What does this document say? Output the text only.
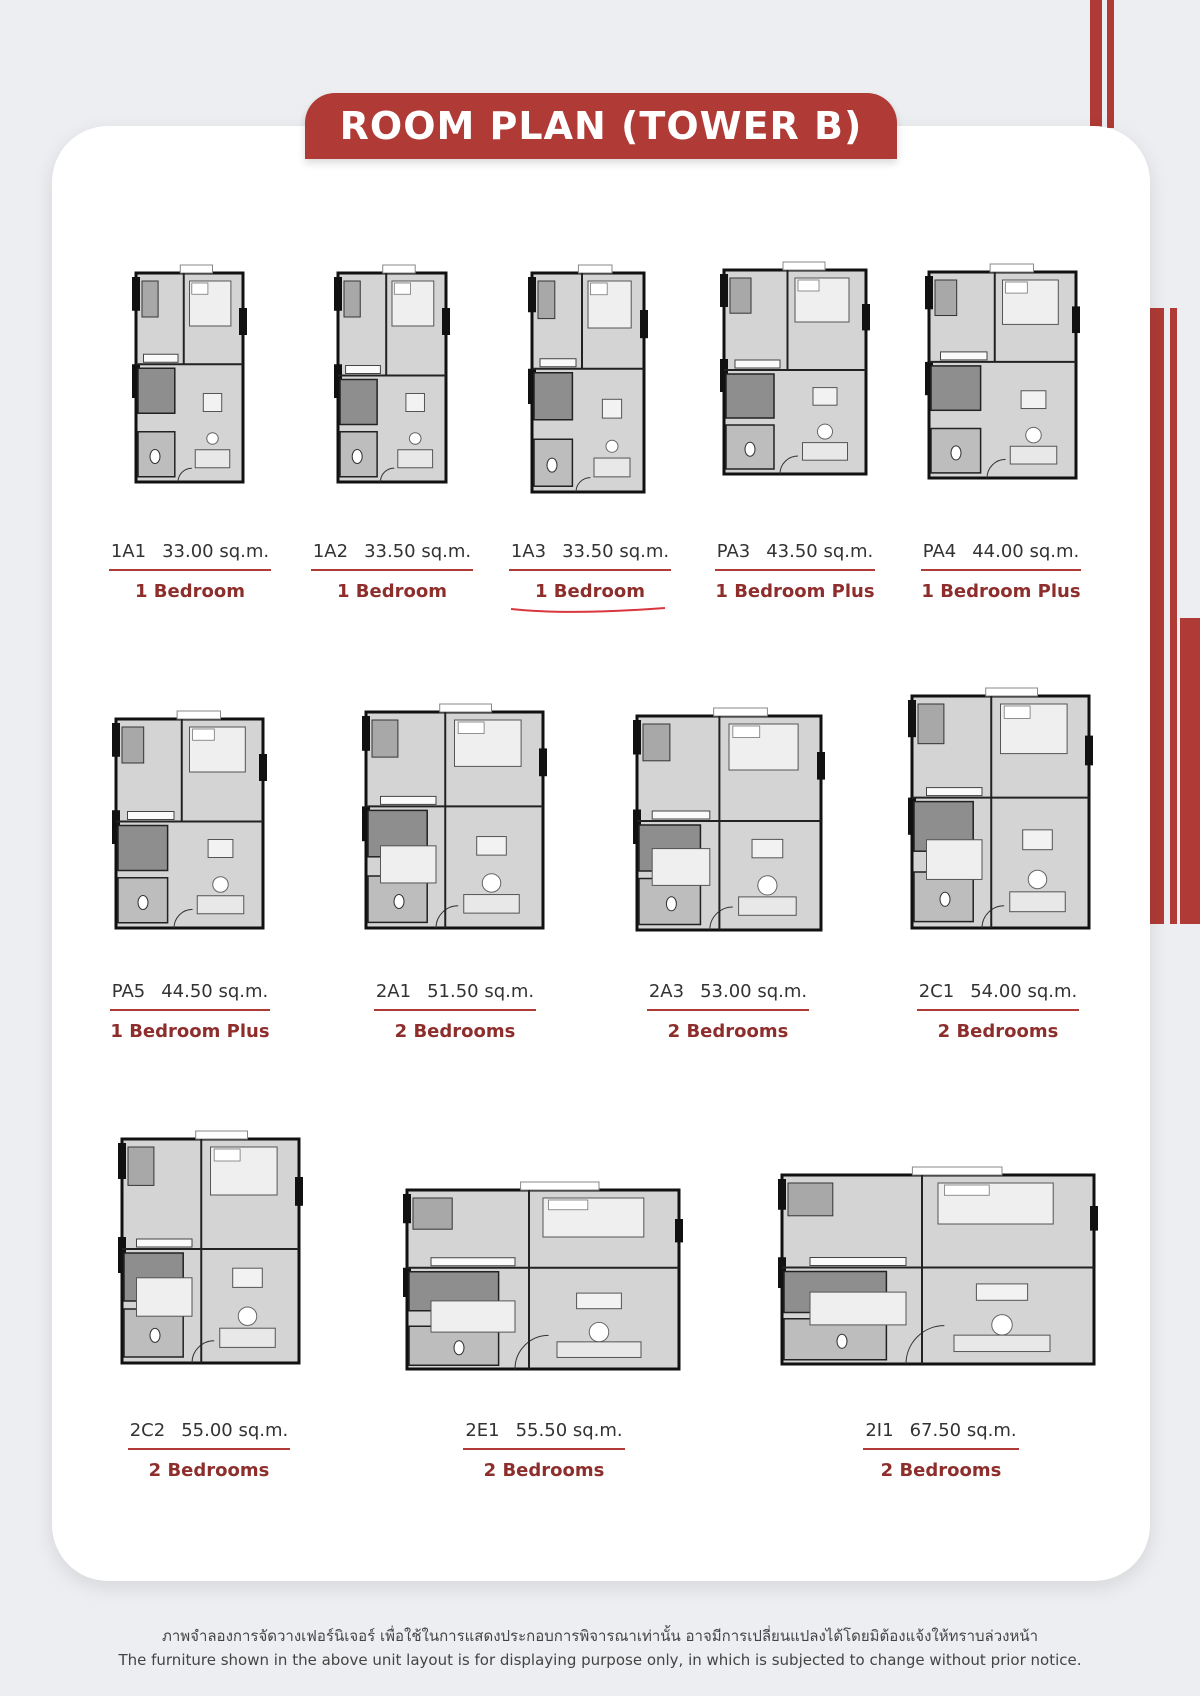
ROOM PLAN (TOWER B)
1A1 33.00 sq.m.
1 Bedroom
1A2 33.50 sq.m.
1 Bedroom
1A3 33.50 sq.m.
1 Bedroom
PA3 43.50 sq.m.
1 Bedroom Plus
PA4 44.00 sq.m.
1 Bedroom Plus
PA5 44.50 sq.m.
1 Bedroom Plus
2A1 51.50 sq.m.
2 Bedrooms
2A3 53.00 sq.m.
2 Bedrooms
2C1 54.00 sq.m.
2 Bedrooms
2C2 55.00 sq.m.
2 Bedrooms
2E1 55.50 sq.m.
2 Bedrooms
2I1 67.50 sq.m.
2 Bedrooms
ภาพจำลองการจัดวางเฟอร์นิเจอร์ เพื่อใช้ในการแสดงประกอบการพิจารณาเท่านั้น อาจมีการเปลี่ยนแปลงได้โดยมิต้องแจ้งให้ทราบล่วงหน้า
The furniture shown in the above unit layout is for displaying purpose only, in which is subjected to change without prior notice.
